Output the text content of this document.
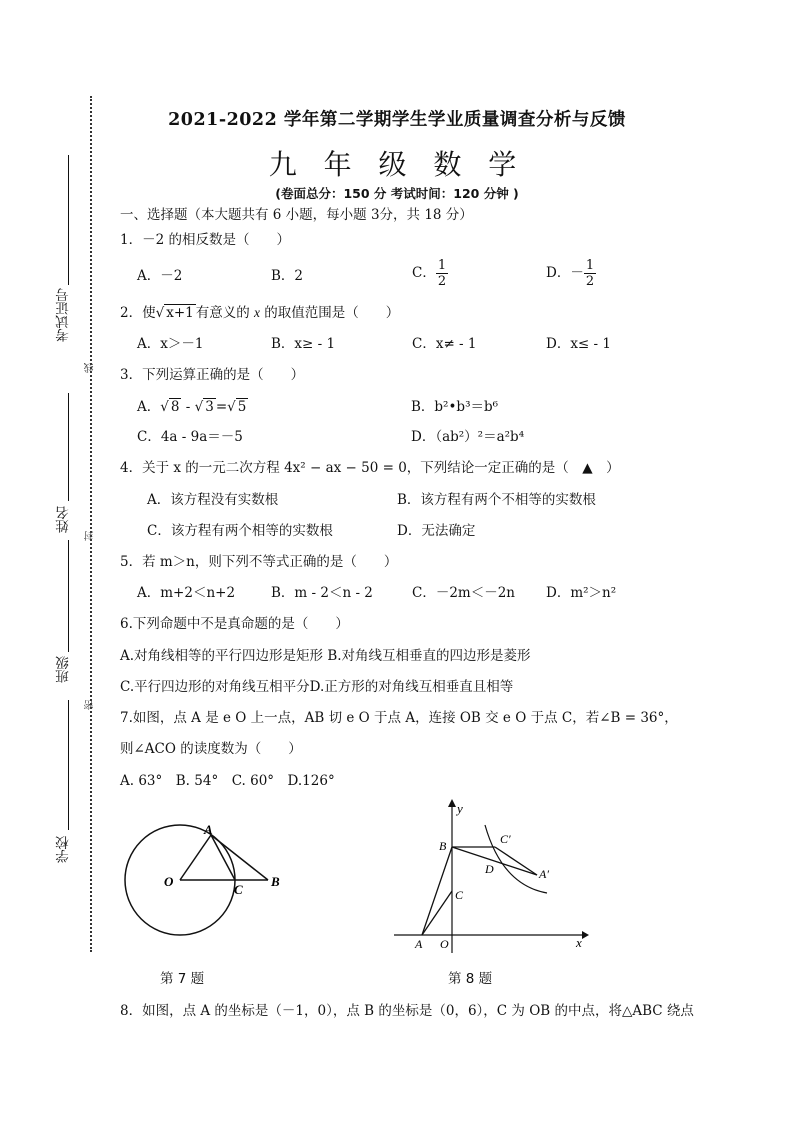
2021-2022 学年第二学期学生学业质量调查分析与反馈
九 年 级 数 学
(卷面总分：150 分 考试时间：120 分钟 )
考试证号
姓名
班级
学校
线
封
密
一、选择题（本大题共有 6 小题，每小题 3分，共 18 分）
1．－2 的相反数是（　　）
A．－2	B．2	C． $\frac{1}{2}$	D．－ $\frac{1}{2}$
2．使√ x+1 有意义的 x 的取值范围是（　　）
A．x＞－1	B．x≥ - 1	C．x≠ - 1	D．x≤ - 1
3．下列运算正确的是（　　）
A．√ 8 - √ 3 =√ 5	B．b²•b³＝b⁶
C．4a - 9a＝－5	D．（ab²）²＝a²b⁴
4．关于 x 的一元二次方程 4x² − ax − 50 = 0，下列结论一定正确的是（　▲　）
A．该方程没有实数根	B．该方程有两个不相等的实数根
C．该方程有两个相等的实数根	D．无法确定
5．若 m＞n，则下列不等式正确的是（　　）
A．m+2＜n+2	B．m - 2＜n - 2	C．－2m＜－2n D．m²＞n²
6.下列命题中不是真命题的是（　　）
A.对角线相等的平行四边形是矩形 B.对角线互相垂直的四边形是菱形
C.平行四边形的对角线互相平分D.正方形的对角线互相垂直且相等
7.如图，点 A 是 e O 上一点，AB 切 e O 于点 A，连接 OB 交 e O 于点 C，若∠B = 36°，
则∠ACO 的读度数为（　　）
A. 63°　B. 54°　C. 60°　D.126°
A
O
C
B
第 7 题
y
x
B
C
A O
D
C′
A′
第 8 题
8．如图，点 A 的坐标是（－1，0），点 B 的坐标是（0，6），C 为 OB 的中点，将△ABC 绕点
